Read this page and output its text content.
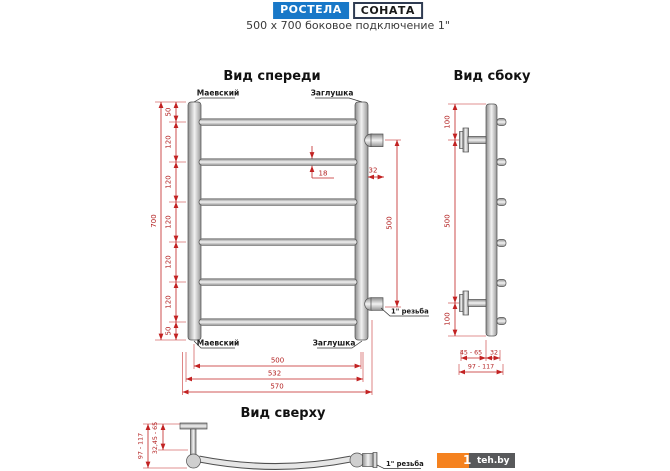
Вид спереди
Маевский	Заглушка
Маевский	Заглушка
1" резьба
700
50
120
120
120
120
120
50
18	32
500
500
532
570
Вид сбоку
100
500
100
45 - 65 32
97 - 117
Вид сверху
97 - 117 32,45 - 65
1" резьба
РОСТЕЛА	СОНАТА
500 х 700 боковое подключение 1"
teh.by
1
